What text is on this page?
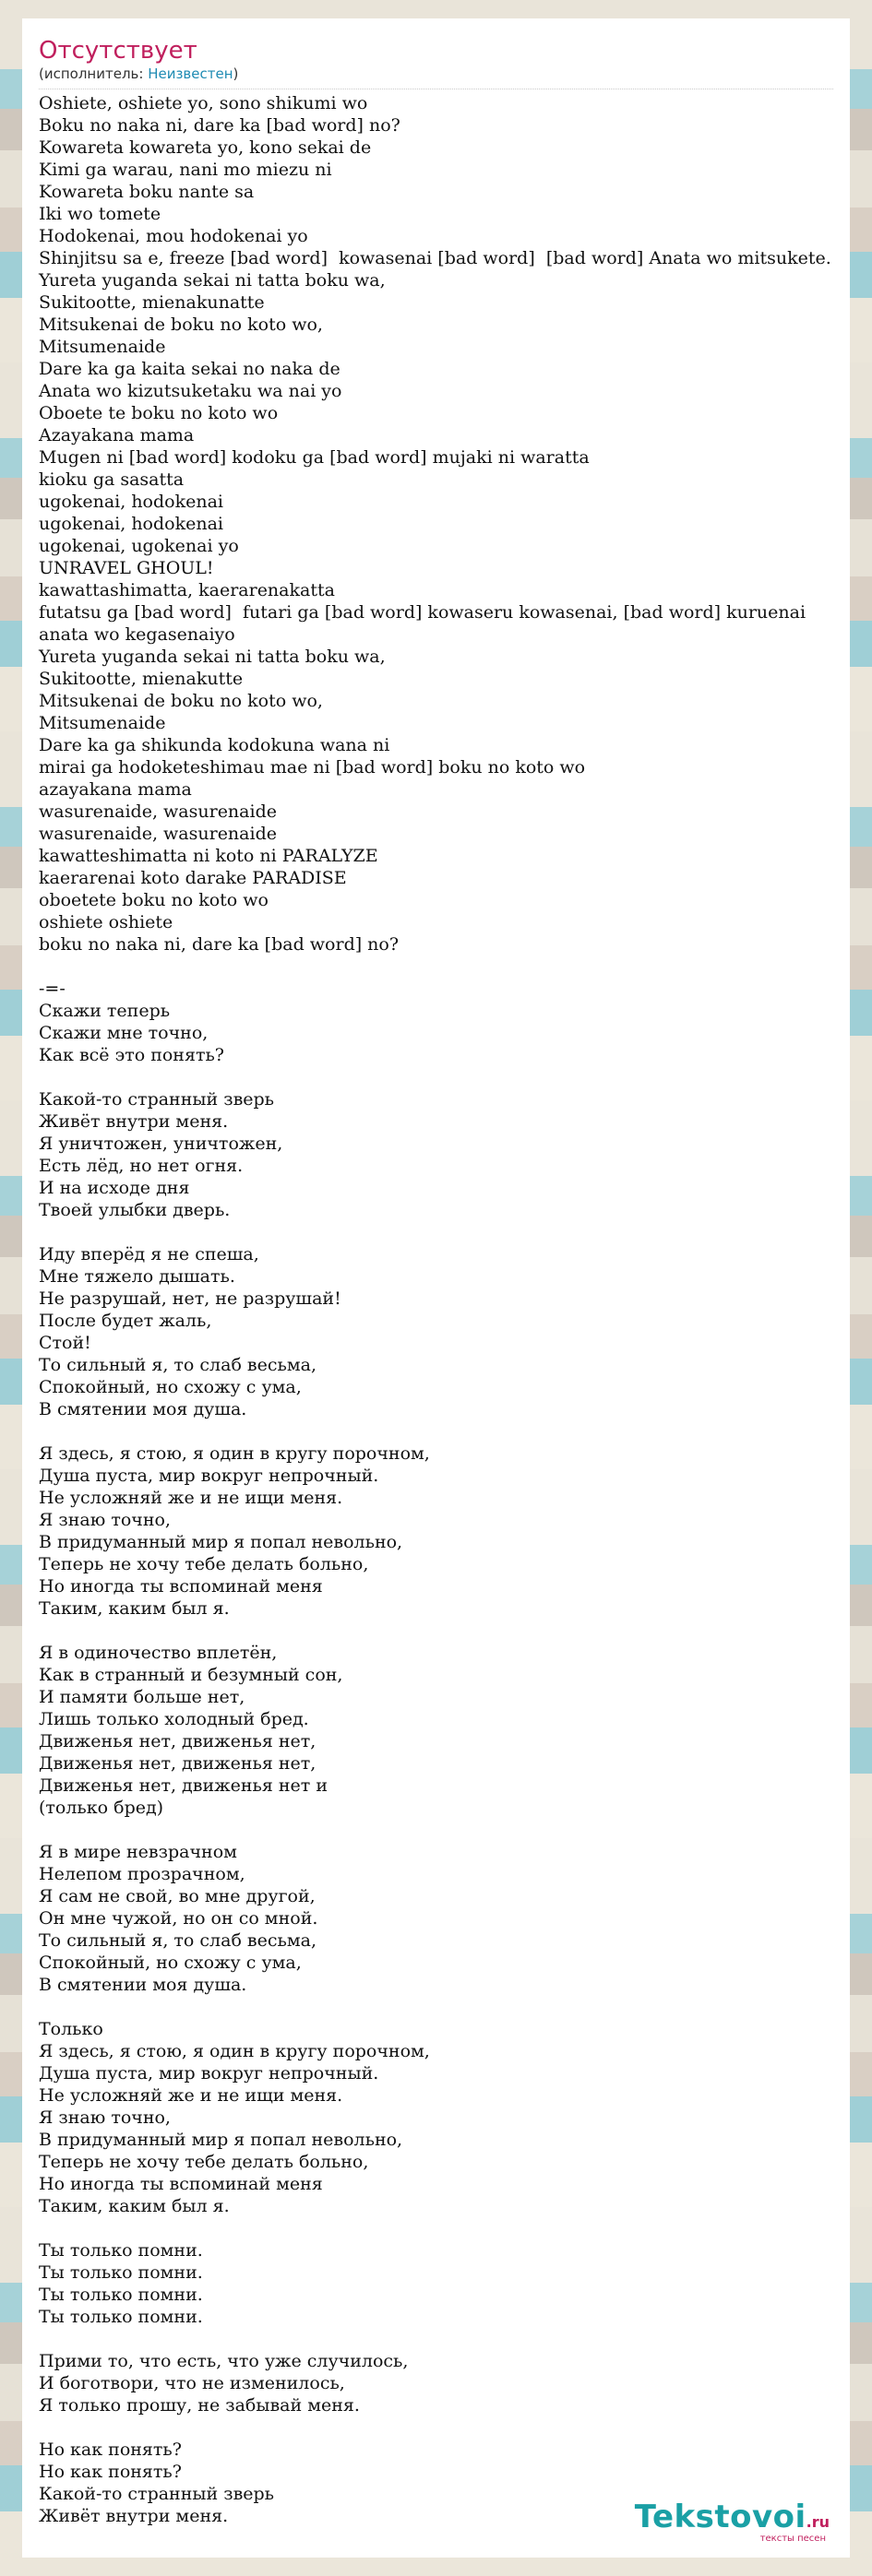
Отсутствует
(исполнитель: Неизвестен)
Oshiete, oshiete yo, sono shikumi wo
Boku no naka ni, dare ka [bad word] no?
Kowareta kowareta yo, kono sekai de
Kimi ga warau, nani mo miezu ni
Kowareta boku nante sa
Iki wo tomete
Hodokenai, mou hodokenai yo
Shinjitsu sa e, freeze [bad word]  kowasenai [bad word]  [bad word] Anata wo mitsukete.
Yureta yuganda sekai ni tatta boku wa,
Sukitootte, mienakunatte
Mitsukenai de boku no koto wo,
Mitsumenaide
Dare ka ga kaita sekai no naka de
Anata wo kizutsuketaku wa nai yo
Oboete te boku no koto wo
Azayakana mama
Mugen ni [bad word] kodoku ga [bad word] mujaki ni waratta
kioku ga sasatta
ugokenai, hodokenai
ugokenai, hodokenai
ugokenai, ugokenai yo
UNRAVEL GHOUL!
kawattashimatta, kaerarenakatta
futatsu ga [bad word]  futari ga [bad word] kowaseru kowasenai, [bad word] kuruenai
anata wo kegasenaiyo
Yureta yuganda sekai ni tatta boku wa,
Sukitootte, mienakutte
Mitsukenai de boku no koto wo,
Mitsumenaide
Dare ka ga shikunda kodokuna wana ni
mirai ga hodoketeshimau mae ni [bad word] boku no koto wo
azayakana mama
wasurenaide, wasurenaide
wasurenaide, wasurenaide
kawatteshimatta ni koto ni PARALYZE
kaerarenai koto darake PARADISE
oboetete boku no koto wo
oshiete oshiete
boku no naka ni, dare ka [bad word] no?
-=-
Скажи теперь
Скажи мне точно,
Как всё это понять?
Какой-то странный зверь
Живёт внутри меня.
Я уничтожен, уничтожен,
Есть лёд, но нет огня.
И на исходе дня
Твоей улыбки дверь.
Иду вперёд я не спеша,
Мне тяжело дышать.
Не разрушай, нет, не разрушай!
После будет жаль,
Стой!
То сильный я, то слаб весьма,
Спокойный, но схожу с ума,
В смятении моя душа.
Я здесь, я стою, я один в кругу порочном,
Душа пуста, мир вокруг непрочный.
Не усложняй же и не ищи меня.
Я знаю точно,
В придуманный мир я попал невольно,
Теперь не хочу тебе делать больно,
Но иногда ты вспоминай меня
Таким, каким был я.
Я в одиночество вплетён,
Как в странный и безумный сон,
И памяти больше нет,
Лишь только холодный бред.
Движенья нет, движенья нет,
Движенья нет, движенья нет,
Движенья нет, движенья нет и
(только бред)
Я в мире невзрачном
Нелепом прозрачном,
Я сам не свой, во мне другой,
Он мне чужой, но он со мной.
То сильный я, то слаб весьма,
Спокойный, но схожу с ума,
В смятении моя душа.
Только
Я здесь, я стою, я один в кругу порочном,
Душа пуста, мир вокруг непрочный.
Не усложняй же и не ищи меня.
Я знаю точно,
В придуманный мир я попал невольно,
Теперь не хочу тебе делать больно,
Но иногда ты вспоминай меня
Таким, каким был я.
Ты только помни.
Ты только помни.
Ты только помни.
Ты только помни.
Прими то, что есть, что уже случилось,
И боготвори, что не изменилось,
Я только прошу, не забывай меня.
Но как понять?
Но как понять?
Какой-то странный зверь
Живёт внутри меня.	Tekstovoi.ru
тексты песен
